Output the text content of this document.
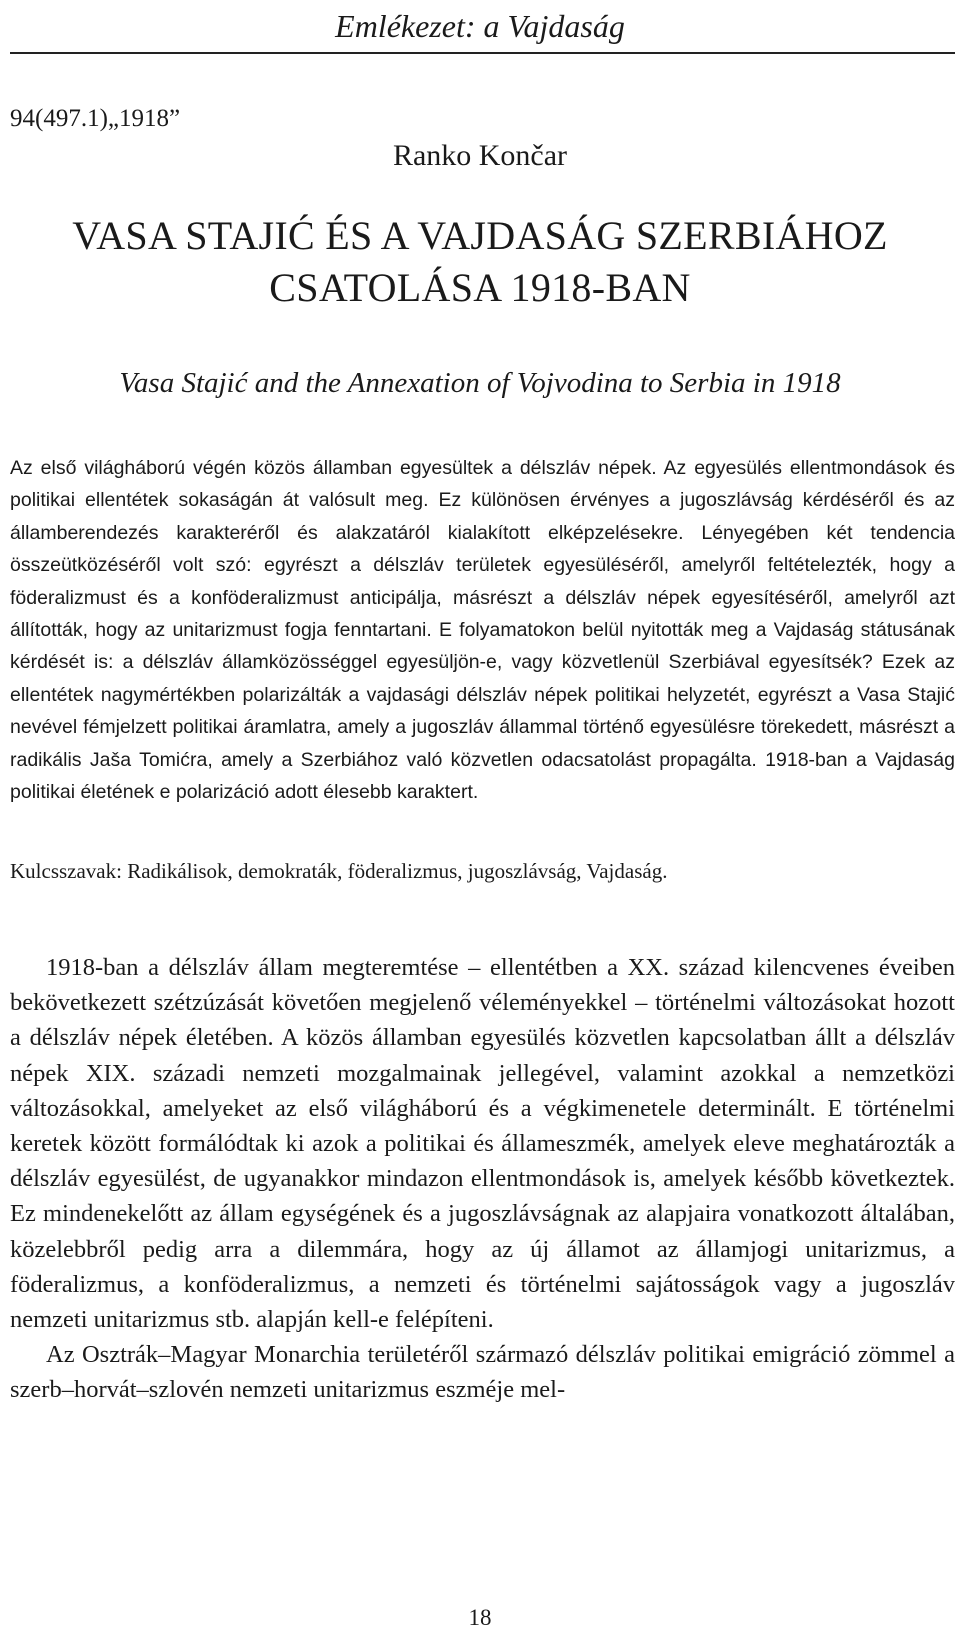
Emlékezet: a Vajdaság
94(497.1)„1918”
Ranko Končar
VASA STAJIĆ ÉS A VAJDASÁG SZERBIÁHOZ
CSATOLÁSA 1918-BAN
Vasa Stajić and the Annexation of Vojvodina to Serbia in 1918

Az első világháború végén közös államban egyesültek a délszláv népek. Az egyesülés ellentmondások és politikai ellentétek sokaságán át valósult meg. Ez különösen érvényes a jugoszlávság kérdéséről és az államberendezés karakteréről és alakzatáról kialakított elképzelésekre. Lényegében két tendencia összeütközéséről volt szó: egyrészt a délszláv területek egyesüléséről, amelyről feltételezték, hogy a föderalizmust és a konföderalizmust anticipálja, másrészt a délszláv népek egyesítéséről, amelyről azt állították, hogy az unitarizmust fogja fenntartani. E folyamatokon belül nyitották meg a Vajdaság státusának kérdését is: a délszláv államközösséggel egyesüljön-e, vagy közvetlenül Szerbiával egyesítsék? Ezek az ellentétek nagymértékben polarizálták a vajdasági délszláv népek politikai helyzetét, egyrészt a Vasa Stajić nevével fémjelzett politikai áramlatra, amely a jugoszláv állammal történő egyesülésre törekedett, másrészt a radikális Jaša Tomićra, amely a Szerbiához való közvetlen odacsatolást propagálta. 1918-ban a Vajdaság politikai életének e polarizáció adott élesebb karaktert.

Kulcsszavak: Radikálisok, demokraták, föderalizmus, jugoszlávság, Vajdaság.

1918-ban a délszláv állam megteremtése – ellentétben a XX. század kilencvenes éveiben bekövetkezett szétzúzását követően megjelenő véleményekkel – történelmi változásokat hozott a délszláv népek életében. A közös államban egyesülés közvetlen kapcsolatban állt a délszláv népek XIX. századi nemzeti mozgalmainak jellegével, valamint azokkal a nemzetközi változásokkal, amelyeket az első világháború és a végkimenetele determinált. E történelmi keretek között formálódtak ki azok a politikai és állameszmék, amelyek eleve meghatározták a délszláv egyesülést, de ugyanakkor mindazon ellentmondások is, amelyek később következtek. Ez mindenekelőtt az állam egységének és a jugoszlávságnak az alapjaira vonatkozott általában, közelebbről pedig arra a dilemmára, hogy az új államot az államjogi unitarizmus, a föderalizmus, a konföderalizmus, a nemzeti és történelmi sajátosságok vagy a jugoszláv nemzeti unitarizmus stb. alapján kell-e felépíteni.

Az Osztrák–Magyar Monarchia területéről származó délszláv politikai emigráció zömmel a szerb–horvát–szlovén nemzeti unitarizmus eszméje mel-

18
